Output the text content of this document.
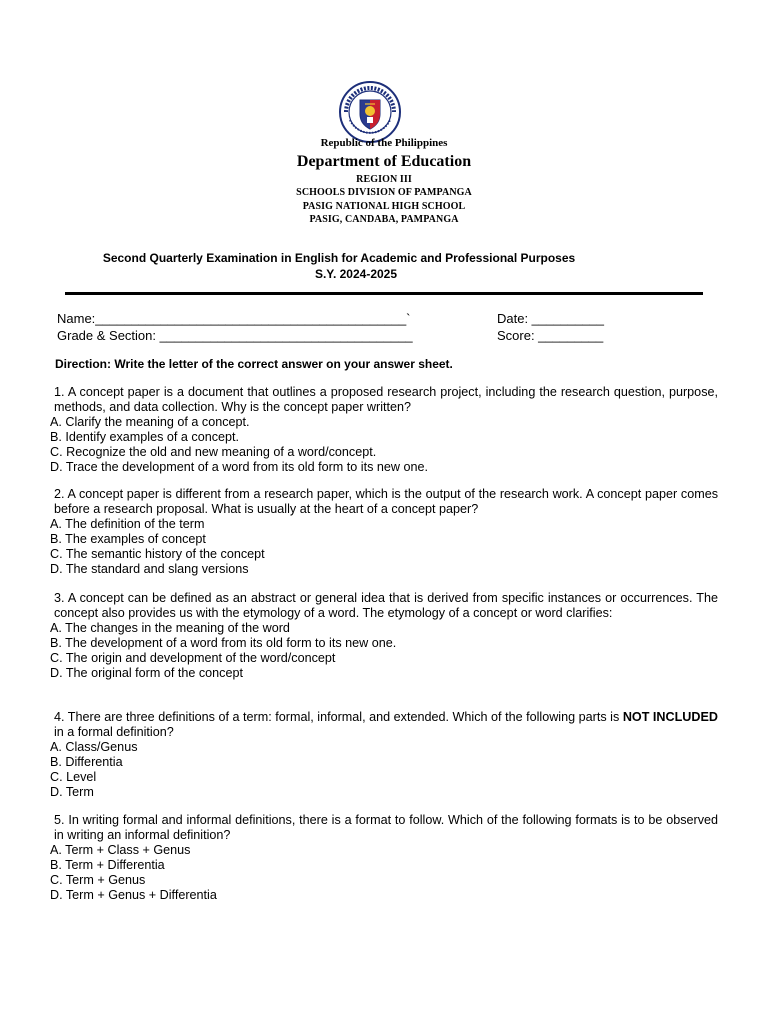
Republic of the Philippines
Department of Education
REGION III
SCHOOLS DIVISION OF PAMPANGA
PASIG NATIONAL HIGH SCHOOL
PASIG, CANDABA, PAMPANGA
Second Quarterly Examination in English for Academic and Professional Purposes
S.Y. 2024-2025
Name:___________________________________________`
Grade & Section: ___________________________________
Date: __________
Score: _________
Direction: Write the letter of the correct answer on your answer sheet.

1. A concept paper is a document that outlines a proposed research project, including the research question, purpose, methods, and data collection. Why is the concept paper written?

A. Clarify the meaning of a concept.

B. Identify examples of a concept.

C. Recognize the old and new meaning of a word/concept.

D. Trace the development of a word from its old form to its new one.

2. A concept paper is different from a research paper, which is the output of the research work. A concept paper comes before a research proposal. What is usually at the heart of a concept paper?

A. The definition of the term

B. The examples of concept

C. The semantic history of the concept

D. The standard and slang versions

3. A concept can be defined as an abstract or general idea that is derived from specific instances or occurrences. The concept also provides us with the etymology of a word. The etymology of a concept or word clarifies:

A. The changes in the meaning of the word

B. The development of a word from its old form to its new one.

C. The origin and development of the word/concept

D. The original form of the concept

4. There are three definitions of a term: formal, informal, and extended. Which of the following parts is NOT INCLUDED in a formal definition?

A. Class/Genus

B. Differentia

C. Level

D. Term

5. In writing formal and informal definitions, there is a format to follow. Which of the following formats is to be observed in writing an informal definition?

A. Term + Class + Genus

B. Term + Differentia

C. Term + Genus

D. Term + Genus + Differentia
